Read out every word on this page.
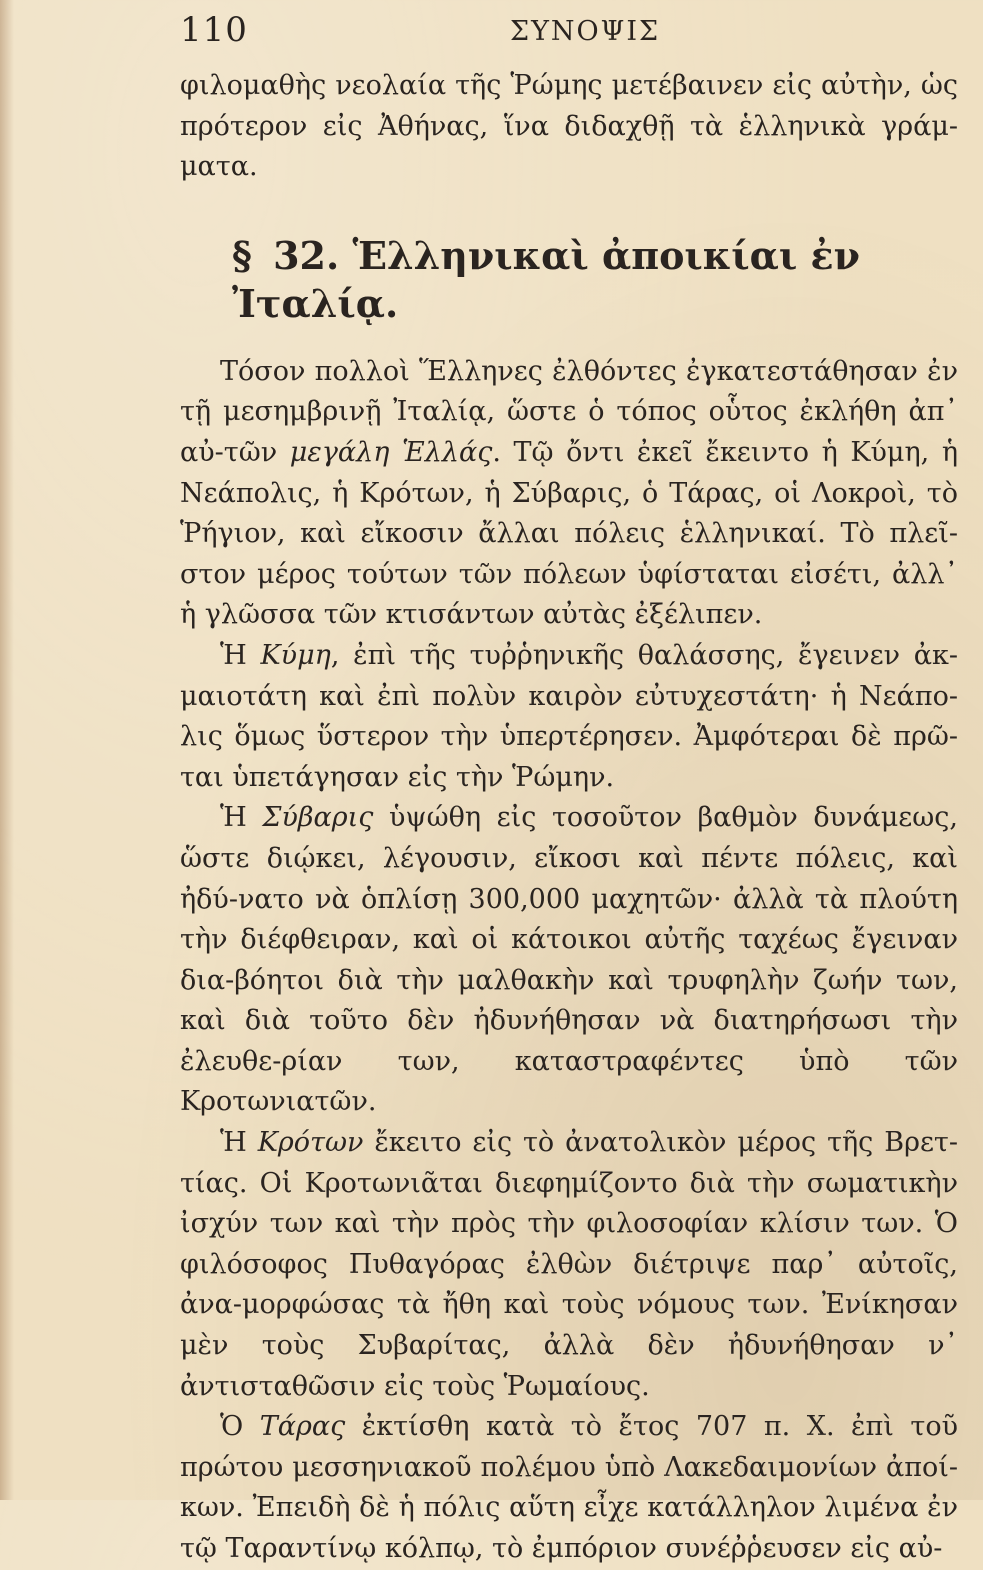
110	ΣΥΝΟΨΙΣ

φιλομαθὴς νεολαία τῆς Ῥώμης μετέβαινεν εἰς αὐτὴν, ὡς πρότερον εἰς Ἀθήνας, ἵνα διδαχθῇ τὰ ἑλληνικὰ γράμ-ματα.

§ 32. Ἑλληνικαὶ ἀποικίαι ἐν Ἰταλίᾳ.

Τόσον πολλοὶ Ἕλληνες ἐλθόντες ἐγκατεστάθησαν ἐν τῇ μεσημβρινῇ Ἰταλίᾳ, ὥστε ὁ τόπος οὗτος ἐκλήθη ἀπ᾽ αὐ-τῶν μεγάλη Ἑλλάς. Τῷ ὄντι ἐκεῖ ἔκειντο ἡ Κύμη, ἡ Νεάπολις, ἡ Κρότων, ἡ Σύβαρις, ὁ Τάρας, οἱ Λοκροὶ, τὸ Ῥήγιον, καὶ εἴκοσιν ἄλλαι πόλεις ἑλληνικαί. Τὸ πλεῖ-στον μέρος τούτων τῶν πόλεων ὑφίσταται εἰσέτι, ἀλλ᾽ ἡ γλῶσσα τῶν κτισάντων αὐτὰς ἐξέλιπεν.

Ἡ Κύμη, ἐπὶ τῆς τυῤῥηνικῆς θαλάσσης, ἔγεινεν ἀκ-μαιοτάτη καὶ ἐπὶ πολὺν καιρὸν εὐτυχεστάτη· ἡ Νεάπο-λις ὅμως ὕστερον τὴν ὑπερτέρησεν. Ἀμφότεραι δὲ πρῶ-ται ὑπετάγησαν εἰς τὴν Ῥώμην.

Ἡ Σύβαρις ὑψώθη εἰς τοσοῦτον βαθμὸν δυνάμεως, ὥστε διῴκει, λέγουσιν, εἴκοσι καὶ πέντε πόλεις, καὶ ἠδύ-νατο νὰ ὁπλίσῃ 300,000 μαχητῶν· ἀλλὰ τὰ πλούτη τὴν διέφθειραν, καὶ οἱ κάτοικοι αὐτῆς ταχέως ἔγειναν δια-βόητοι διὰ τὴν μαλθακὴν καὶ τρυφηλὴν ζωήν των, καὶ διὰ τοῦτο δὲν ἠδυνήθησαν νὰ διατηρήσωσι τὴν ἐλευθε-ρίαν των, καταστραφέντες ὑπὸ τῶν Κροτωνιατῶν.

Ἡ Κρότων ἔκειτο εἰς τὸ ἀνατολικὸν μέρος τῆς Βρετ-τίας. Οἱ Κροτωνιᾶται διεφημίζοντο διὰ τὴν σωματικὴν ἰσχύν των καὶ τὴν πρὸς τὴν φιλοσοφίαν κλίσιν των. Ὁ φιλόσοφος Πυθαγόρας ἐλθὼν διέτριψε παρ᾽ αὐτοῖς, ἀνα-μορφώσας τὰ ἤθη καὶ τοὺς νόμους των. Ἐνίκησαν μὲν τοὺς Συβαρίτας, ἀλλὰ δὲν ἠδυνήθησαν ν᾽ ἀντισταθῶσιν εἰς τοὺς Ῥωμαίους.

Ὁ Τάρας ἐκτίσθη κατὰ τὸ ἔτος 707 π. Χ. ἐπὶ τοῦ πρώτου μεσσηνιακοῦ πολέμου ὑπὸ Λακεδαιμονίων ἀποί-κων. Ἐπειδὴ δὲ ἡ πόλις αὕτη εἶχε κατάλληλον λιμένα ἐν τῷ Ταραντίνῳ κόλπῳ, τὸ ἐμπόριον συνέῤῥευσεν εἰς αὐ-
